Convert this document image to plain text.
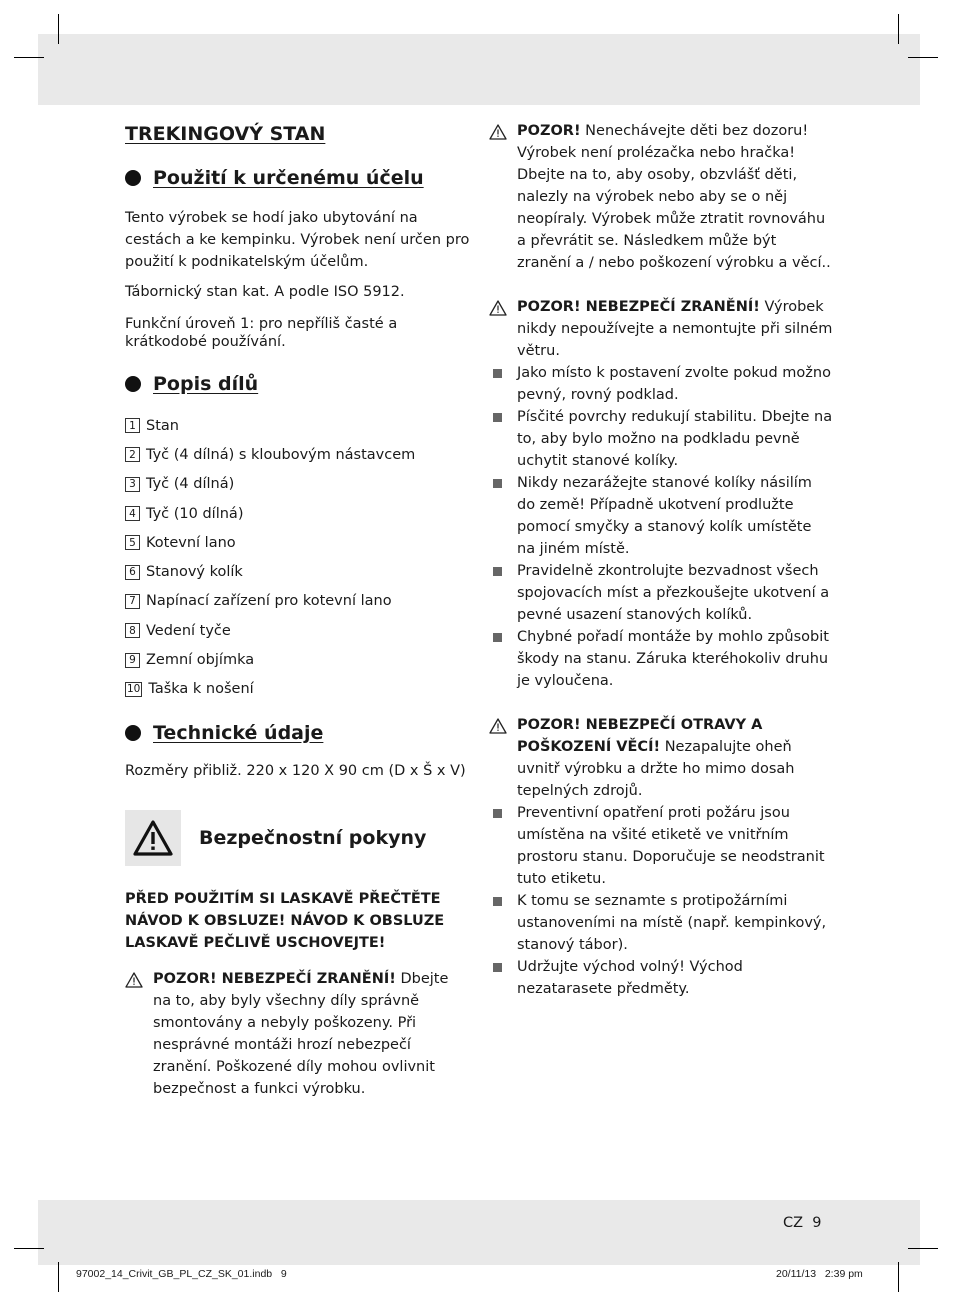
TREKINGOVÝ STAN
Použití k určenému účelu
Tento výrobek se hodí jako ubytování na cestách a ke kempinku. Výrobek není určen pro použití k podnikatelským účelům.
Tábornický stan kat. A podle ISO 5912.
Funkční úroveň 1: pro nepříliš časté a krátkodobé používání.
Popis dílů
1 Stan
2 Tyč (4 dílná) s kloubovým nástavcem
3 Tyč (4 dílná)
4 Tyč (10 dílná)
5 Kotevní lano
6 Stanový kolík
7 Napínací zařízení pro kotevní lano
8 Vedení tyče
9 Zemní objímka
10 Taška k nošení
Technické údaje
Rozměry přibliž. 220 x 120 X 90 cm (D x Š x V)
Bezpečnostní pokyny
PŘED POUŽITÍM SI LASKAVĚ PŘEČTĚTE NÁVOD K OBSLUZE! NÁVOD K OBSLUZE LASKAVĚ PEČLIVĚ USCHOVEJTE!
POZOR! NEBEZPEČÍ ZRANĚNÍ! Dbejte na to, aby byly všechny díly správně smontovány a nebyly poškozeny. Při nesprávné montáži hrozí nebezpečí zranění. Poškozené díly mohou ovlivnit bezpečnost a funkci výrobku.
POZOR! Nenechávejte děti bez dozoru! Výrobek není prolézačka nebo hračka! Dbejte na to, aby osoby, obzvlášť děti, nalezly na výrobek nebo aby se o něj neopíraly. Výrobek může ztratit rovnováhu a převrátit se. Následkem může být zranění a / nebo poškození výrobku a věcí..
POZOR! NEBEZPEČÍ ZRANĚNÍ! Výrobek nikdy nepoužívejte a nemontujte při silném větru.
Jako místo k postavení zvolte pokud možno pevný, rovný podklad.
Písčité povrchy redukují stabilitu. Dbejte na to, aby bylo možno na podkladu pevně uchytit stanové kolíky.
Nikdy nezarážejte stanové kolíky násilím do země! Případně ukotvení prodlužte pomocí smyčky a stanový kolík umístěte na jiném místě.
Pravidelně zkontrolujte bezvadnost všech spojovacích míst a přezkoušejte ukotvení a pevné usazení stanových kolíků.
Chybné pořadí montáže by mohlo způsobit škody na stanu. Záruka kteréhokoliv druhu je vyloučena.
POZOR! NEBEZPEČÍ OTRAVY A POŠKOZENÍ VĚCÍ! Nezapalujte oheň uvnitř výrobku a držte ho mimo dosah tepelných zdrojů.
Preventivní opatření proti požáru jsou umístěna na všité etiketě ve vnitřním prostoru stanu. Doporučuje se neodstranit tuto etiketu.
K tomu se seznamte s protipožárními ustanoveními na místě (např. kempinkový, stanový tábor).
Udržujte východ volný! Východ nezatarasete předměty.
CZ  9
97002_14_Crivit_GB_PL_CZ_SK_01.indb   9	20/11/13   2:39 pm
